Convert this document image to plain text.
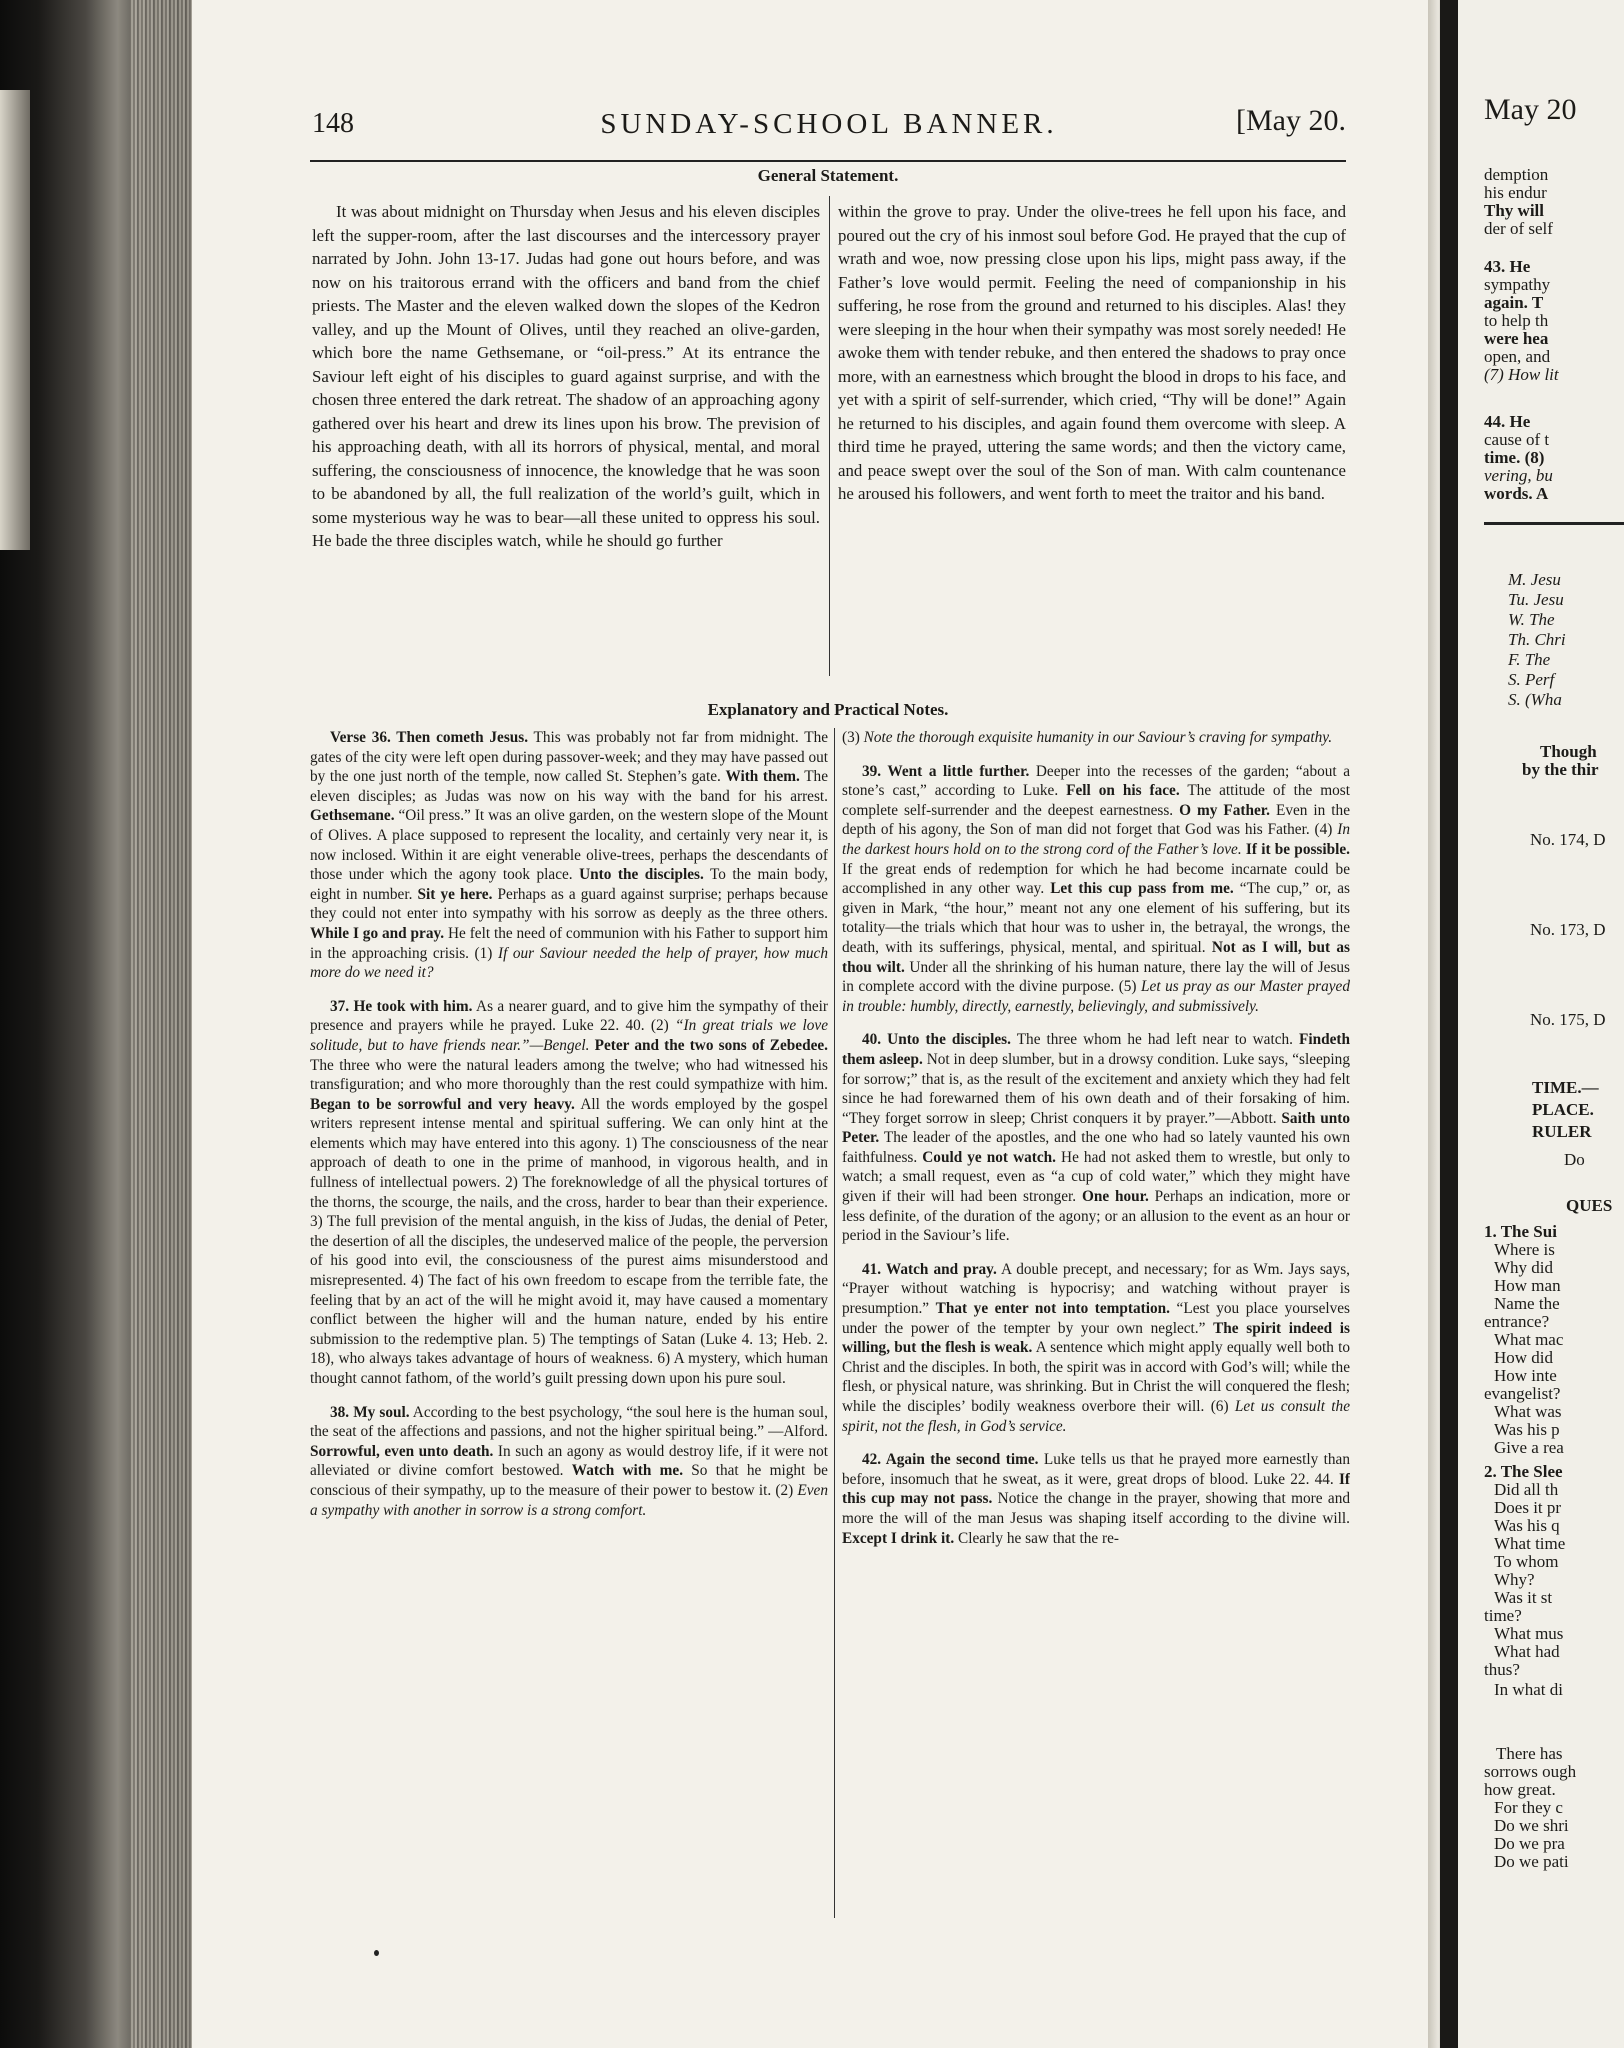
148	SUNDAY-SCHOOL BANNER.	[May 20.
General Statement.

It was about midnight on Thursday when Jesus and his eleven disciples left the supper-room, after the last discourses and the intercessory prayer narrated by John. John 13-17. Judas had gone out hours before, and was now on his traitorous errand with the officers and band from the chief priests. The Master and the eleven walked down the slopes of the Kedron valley, and up the Mount of Olives, until they reached an olive-garden, which bore the name Gethsemane, or “oil-press.” At its entrance the Saviour left eight of his disciples to guard against surprise, and with the chosen three entered the dark retreat. The shadow of an approaching agony gathered over his heart and drew its lines upon his brow. The prevision of his approaching death, with all its horrors of physical, mental, and moral suffering, the consciousness of innocence, the knowledge that he was soon to be abandoned by all, the full realization of the world’s guilt, which in some mysterious way he was to bear—all these united to oppress his soul. He bade the three disciples watch, while he should go further

within the grove to pray. Under the olive-trees he fell upon his face, and poured out the cry of his inmost soul before God. He prayed that the cup of wrath and woe, now pressing close upon his lips, might pass away, if the Father’s love would permit. Feeling the need of companionship in his suffering, he rose from the ground and returned to his disciples. Alas! they were sleeping in the hour when their sympathy was most sorely needed! He awoke them with tender rebuke, and then entered the shadows to pray once more, with an earnestness which brought the blood in drops to his face, and yet with a spirit of self-surrender, which cried, “Thy will be done!” Again he returned to his disciples, and again found them overcome with sleep. A third time he prayed, uttering the same words; and then the victory came, and peace swept over the soul of the Son of man. With calm countenance he aroused his followers, and went forth to meet the traitor and his band.

Explanatory and Practical Notes.

Verse 36. Then cometh Jesus. This was probably not far from midnight. The gates of the city were left open during passover-week; and they may have passed out by the one just north of the temple, now called St. Stephen’s gate. With them. The eleven disciples; as Judas was now on his way with the band for his arrest. Gethsemane. “Oil press.” It was an olive garden, on the western slope of the Mount of Olives. A place supposed to represent the locality, and certainly very near it, is now inclosed. Within it are eight venerable olive-trees, perhaps the descendants of those under which the agony took place. Unto the disciples. To the main body, eight in number. Sit ye here. Perhaps as a guard against surprise; perhaps because they could not enter into sympathy with his sorrow as deeply as the three others. While I go and pray. He felt the need of communion with his Father to support him in the approaching crisis. (1) If our Saviour needed the help of prayer, how much more do we need it?

37. He took with him. As a nearer guard, and to give him the sympathy of their presence and prayers while he prayed. Luke 22. 40. (2) “In great trials we love solitude, but to have friends near.”—Bengel. Peter and the two sons of Zebedee. The three who were the natural leaders among the twelve; who had witnessed his transfiguration; and who more thoroughly than the rest could sympathize with him. Began to be sorrowful and very heavy. All the words employed by the gospel writers represent intense mental and spiritual suffering. We can only hint at the elements which may have entered into this agony. 1) The consciousness of the near approach of death to one in the prime of manhood, in vigorous health, and in fullness of intellectual powers. 2) The foreknowledge of all the physical tortures of the thorns, the scourge, the nails, and the cross, harder to bear than their experience. 3) The full prevision of the mental anguish, in the kiss of Judas, the denial of Peter, the desertion of all the disciples, the undeserved malice of the people, the perversion of his good into evil, the consciousness of the purest aims misunderstood and misrepresented. 4) The fact of his own freedom to escape from the terrible fate, the feeling that by an act of the will he might avoid it, may have caused a momentary conflict between the higher will and the human nature, ended by his entire submission to the redemptive plan. 5) The temptings of Satan (Luke 4. 13; Heb. 2. 18), who always takes advantage of hours of weakness. 6) A mystery, which human thought cannot fathom, of the world’s guilt pressing down upon his pure soul.

38. My soul. According to the best psychology, “the soul here is the human soul, the seat of the affections and passions, and not the higher spiritual being.” —Alford. Sorrowful, even unto death. In such an agony as would destroy life, if it were not alleviated or divine comfort bestowed. Watch with me. So that he might be conscious of their sympathy, up to the measure of their power to bestow it. (2) Even a sympathy with another in sorrow is a strong comfort.

(3) Note the thorough exquisite humanity in our Saviour’s craving for sympathy.

39. Went a little further. Deeper into the recesses of the garden; “about a stone’s cast,” according to Luke. Fell on his face. The attitude of the most complete self-surrender and the deepest earnestness. O my Father. Even in the depth of his agony, the Son of man did not forget that God was his Father. (4) In the darkest hours hold on to the strong cord of the Father’s love. If it be possible. If the great ends of redemption for which he had become incarnate could be accomplished in any other way. Let this cup pass from me. “The cup,” or, as given in Mark, “the hour,” meant not any one element of his suffering, but its totality—the trials which that hour was to usher in, the betrayal, the wrongs, the death, with its sufferings, physical, mental, and spiritual. Not as I will, but as thou wilt. Under all the shrinking of his human nature, there lay the will of Jesus in complete accord with the divine purpose. (5) Let us pray as our Master prayed in trouble: humbly, directly, earnestly, believingly, and submissively.

40. Unto the disciples. The three whom he had left near to watch. Findeth them asleep. Not in deep slumber, but in a drowsy condition. Luke says, “sleeping for sorrow;” that is, as the result of the excitement and anxiety which they had felt since he had forewarned them of his own death and of their forsaking of him. “They forget sorrow in sleep; Christ conquers it by prayer.”—Abbott. Saith unto Peter. The leader of the apostles, and the one who had so lately vaunted his own faithfulness. Could ye not watch. He had not asked them to wrestle, but only to watch; a small request, even as “a cup of cold water,” which they might have given if their will had been stronger. One hour. Perhaps an indication, more or less definite, of the duration of the agony; or an allusion to the event as an hour or period in the Saviour’s life.

41. Watch and pray. A double precept, and necessary; for as Wm. Jays says, “Prayer without watching is hypocrisy; and watching without prayer is presumption.” That ye enter not into temptation. “Lest you place yourselves under the power of the tempter by your own neglect.” The spirit indeed is willing, but the flesh is weak. A sentence which might apply equally well both to Christ and the disciples. In both, the spirit was in accord with God’s will; while the flesh, or physical nature, was shrinking. But in Christ the will conquered the flesh; while the disciples’ bodily weakness overbore their will. (6) Let us consult the spirit, not the flesh, in God’s service.

42. Again the second time. Luke tells us that he prayed more earnestly than before, insomuch that he sweat, as it were, great drops of blood. Luke 22. 44. If this cup may not pass. Notice the change in the prayer, showing that more and more the will of the man Jesus was shaping itself according to the divine will. Except I drink it. Clearly he saw that the re-

May 20
demption
his endur
Thy will
der of self
43. He
sympathy
again. T
to help th
were hea
open, and
(7) How lit
44. He
cause of t
time. (8)
vering, bu
words. A
M. Jesu
Tu. Jesu
W. The
Th. Chri
F. The
S. Perf
S. (Wha
Though
by the thir
No. 174, D
No. 173, D
No. 175, D
TIME.—
PLACE.
RULER
Do
QUES
1. The Sui
Where is
Why did
How man
Name the
entrance?
What mac
How did
How inte
evangelist?
What was
Was his p
Give a rea
2. The Slee
Did all th
Does it pr
Was his q
What time
To whom
Why?
Was it st
time?
What mus
What had
thus?
In what di
There has
sorrows ough
how great.
For they c
Do we shri
Do we pra
Do we pati
